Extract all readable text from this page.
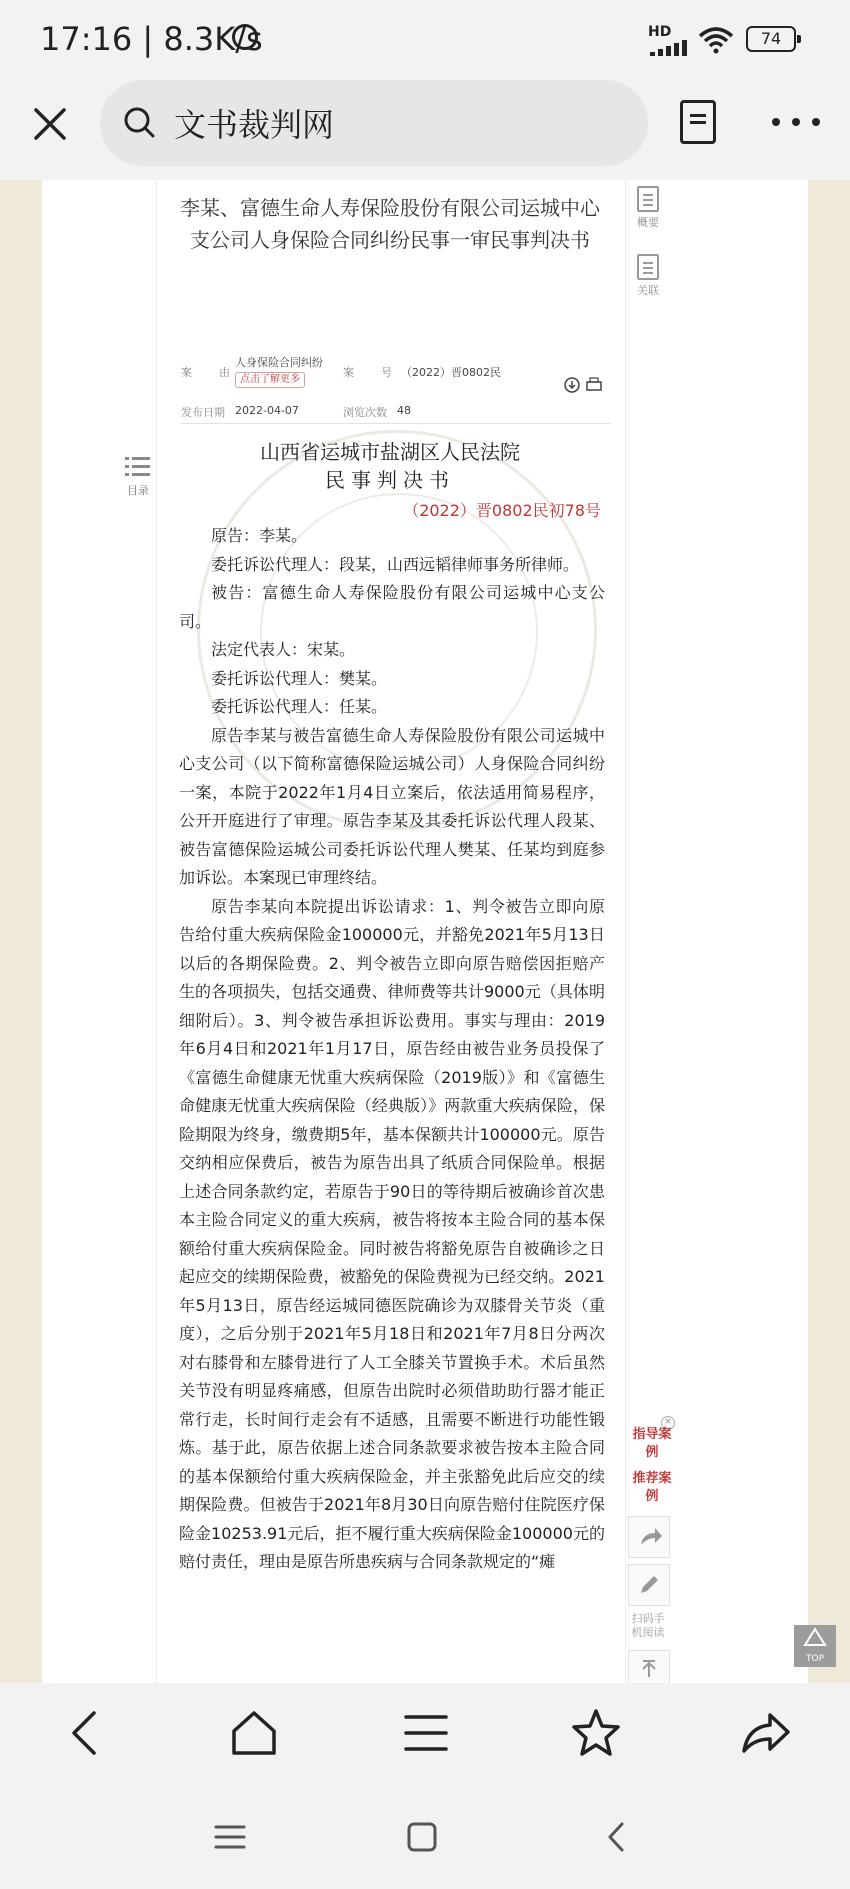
17:16 | 8.3K/s	HD	74
文书裁判网
李某、富德生命人寿保险股份有限公司运城中心支公司人身保险合同纠纷民事一审民事判决书
案　由
人身保险合同纠纷
点击了解更多
案　号 （2022）晋0802民
发布日期 2022-04-07	浏览次数 48
山西省运城市盐湖区人民法院
民事判决书
（2022）晋0802民初78号

原告：李某。

委托诉讼代理人：段某，山西远韬律师事务所律师。

被告：富德生命人寿保险股份有限公司运城中心支公司。

法定代表人：宋某。

委托诉讼代理人：樊某。

委托诉讼代理人：任某。

原告李某与被告富德生命人寿保险股份有限公司运城中心支公司（以下简称富德保险运城公司）人身保险合同纠纷一案，本院于2022年1月4日立案后，依法适用简易程序，公开开庭进行了审理。原告李某及其委托诉讼代理人段某、被告富德保险运城公司委托诉讼代理人樊某、任某均到庭参加诉讼。本案现已审理终结。

原告李某向本院提出诉讼请求：1、判令被告立即向原告给付重大疾病保险金100000元，并豁免2021年5月13日以后的各期保险费。2、判令被告立即向原告赔偿因拒赔产生的各项损失，包括交通费、律师费等共计9000元（具体明细附后）。3、判令被告承担诉讼费用。事实与理由：2019年6月4日和2021年1月17日，原告经由被告业务员投保了《富德生命健康无忧重大疾病保险（2019版）》和《富德生命健康无忧重大疾病保险（经典版）》两款重大疾病保险，保险期限为终身，缴费期5年，基本保额共计100000元。原告交纳相应保费后，被告为原告出具了纸质合同保险单。根据上述合同条款约定，若原告于90日的等待期后被确诊首次患本主险合同定义的重大疾病，被告将按本主险合同的基本保额给付重大疾病保险金。同时被告将豁免原告自被确诊之日起应交的续期保险费，被豁免的保险费视为已经交纳。2021年5月13日，原告经运城同德医院确诊为双膝骨关节炎（重度），之后分别于2021年5月18日和2021年7月8日分两次对右膝骨和左膝骨进行了人工全膝关节置换手术。术后虽然关节没有明显疼痛感，但原告出院时必须借助助行器才能正常行走，长时间行走会有不适感，且需要不断进行功能性锻炼。基于此，原告依据上述合同条款要求被告按本主险合同的基本保额给付重大疾病保险金，并主张豁免此后应交的续期保险费。但被告于2021年8月30日向原告赔付住院医疗保险金10253.91元后，拒不履行重大疾病保险金100000元的赔付责任，理由是原告所患疾病与合同条款规定的“瘫

目录
概要
关联
×
指导案例
推荐案例
扫码手机阅读
TOP
